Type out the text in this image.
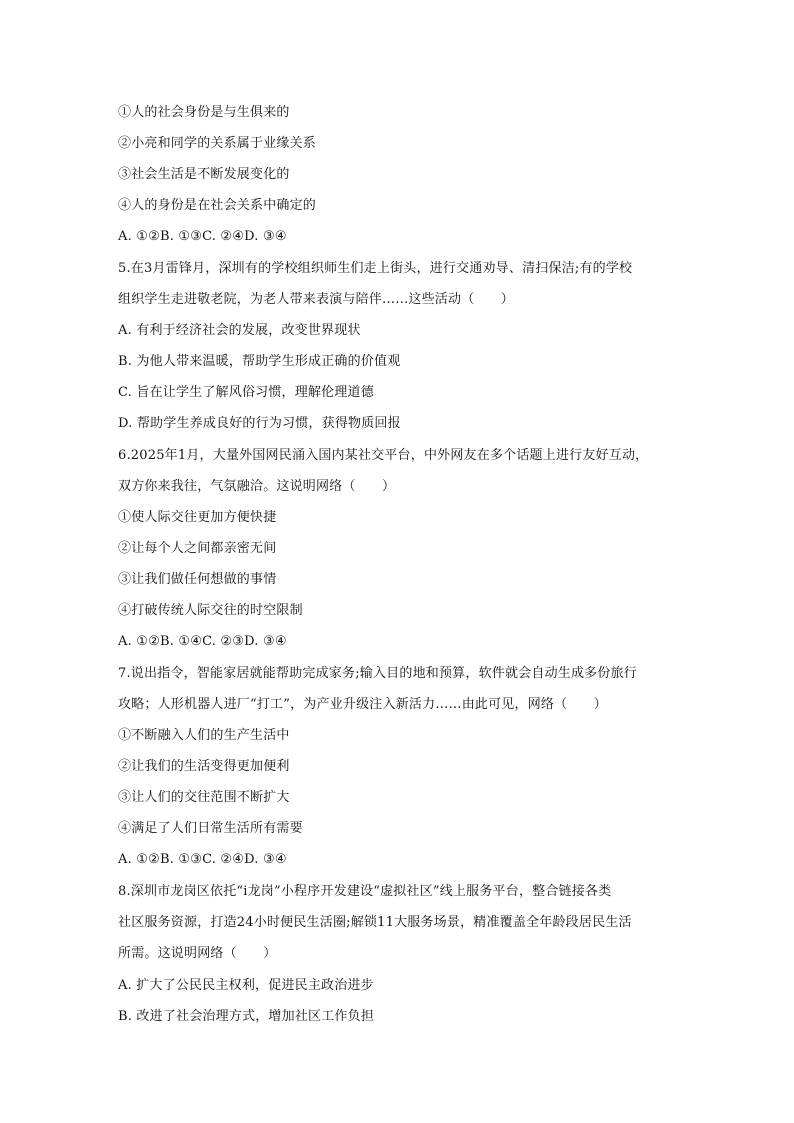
①人的社会身份是与生俱来的
②小亮和同学的关系属于业缘关系
③社会生活是不断发展变化的
④人的身份是在社会关系中确定的
A. ①②B. ①③C. ②④D. ③④
5.在3月雷锋月，深圳有的学校组织师生们走上街头，进行交通劝导、清扫保洁;有的学校
组织学生走进敬老院，为老人带来表演与陪伴……这些活动（　　）
A. 有利于经济社会的发展，改变世界现状
B. 为他人带来温暖，帮助学生形成正确的价值观
C. 旨在让学生了解风俗习惯，理解伦理道德
D. 帮助学生养成良好的行为习惯，获得物质回报
6.2025年1月，大量外国网民涌入国内某社交平台，中外网友在多个话题上进行友好互动，
双方你来我往，气氛融洽。这说明网络（　　）
①使人际交往更加方便快捷
②让每个人之间都亲密无间
③让我们做任何想做的事情
④打破传统人际交往的时空限制
A. ①②B. ①④C. ②③D. ③④
7.说出指令，智能家居就能帮助完成家务;输入目的地和预算，软件就会自动生成多份旅行
攻略；人形机器人进厂“打工”，为产业升级注入新活力……由此可见，网络（　　）
①不断融入人们的生产生活中
②让我们的生活变得更加便利
③让人们的交往范围不断扩大
④满足了人们日常生活所有需要
A. ①②B. ①③C. ②④D. ③④
8.深圳市龙岗区依托“i龙岗”小程序开发建设“虚拟社区”线上服务平台，整合链接各类
社区服务资源，打造24小时便民生活圈;解锁11大服务场景，精准覆盖全年龄段居民生活
所需。这说明网络（　　）
A. 扩大了公民民主权利，促进民主政治进步
B. 改进了社会治理方式，增加社区工作负担
